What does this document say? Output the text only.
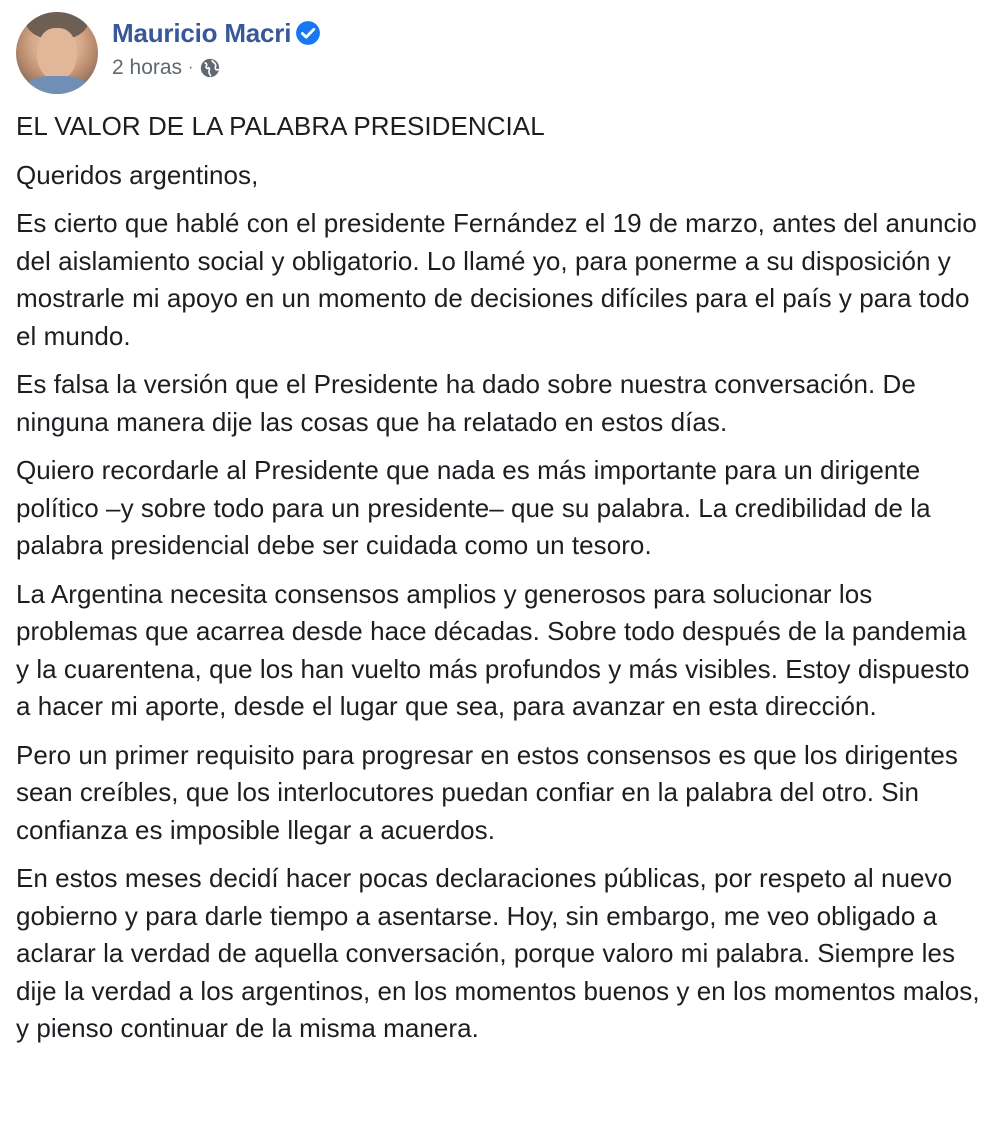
Mauricio Macri
2 horas ·

EL VALOR DE LA PALABRA PRESIDENCIAL

Queridos argentinos,

Es cierto que hablé con el presidente Fernández el 19 de marzo, antes del anuncio del aislamiento social y obligatorio. Lo llamé yo, para ponerme a su disposición y mostrarle mi apoyo en un momento de decisiones difíciles para el país y para todo el mundo.

Es falsa la versión que el Presidente ha dado sobre nuestra conversación. De ninguna manera dije las cosas que ha relatado en estos días.

Quiero recordarle al Presidente que nada es más importante para un dirigente político –y sobre todo para un presidente– que su palabra. La credibilidad de la palabra presidencial debe ser cuidada como un tesoro.

La Argentina necesita consensos amplios y generosos para solucionar los problemas que acarrea desde hace décadas. Sobre todo después de la pandemia y la cuarentena, que los han vuelto más profundos y más visibles. Estoy dispuesto a hacer mi aporte, desde el lugar que sea, para avanzar en esta dirección.

Pero un primer requisito para progresar en estos consensos es que los dirigentes sean creíbles, que los interlocutores puedan confiar en la palabra del otro. Sin confianza es imposible llegar a acuerdos.

En estos meses decidí hacer pocas declaraciones públicas, por respeto al nuevo gobierno y para darle tiempo a asentarse. Hoy, sin embargo, me veo obligado a aclarar la verdad de aquella conversación, porque valoro mi palabra. Siempre les dije la verdad a los argentinos, en los momentos buenos y en los momentos malos, y pienso continuar de la misma manera.
